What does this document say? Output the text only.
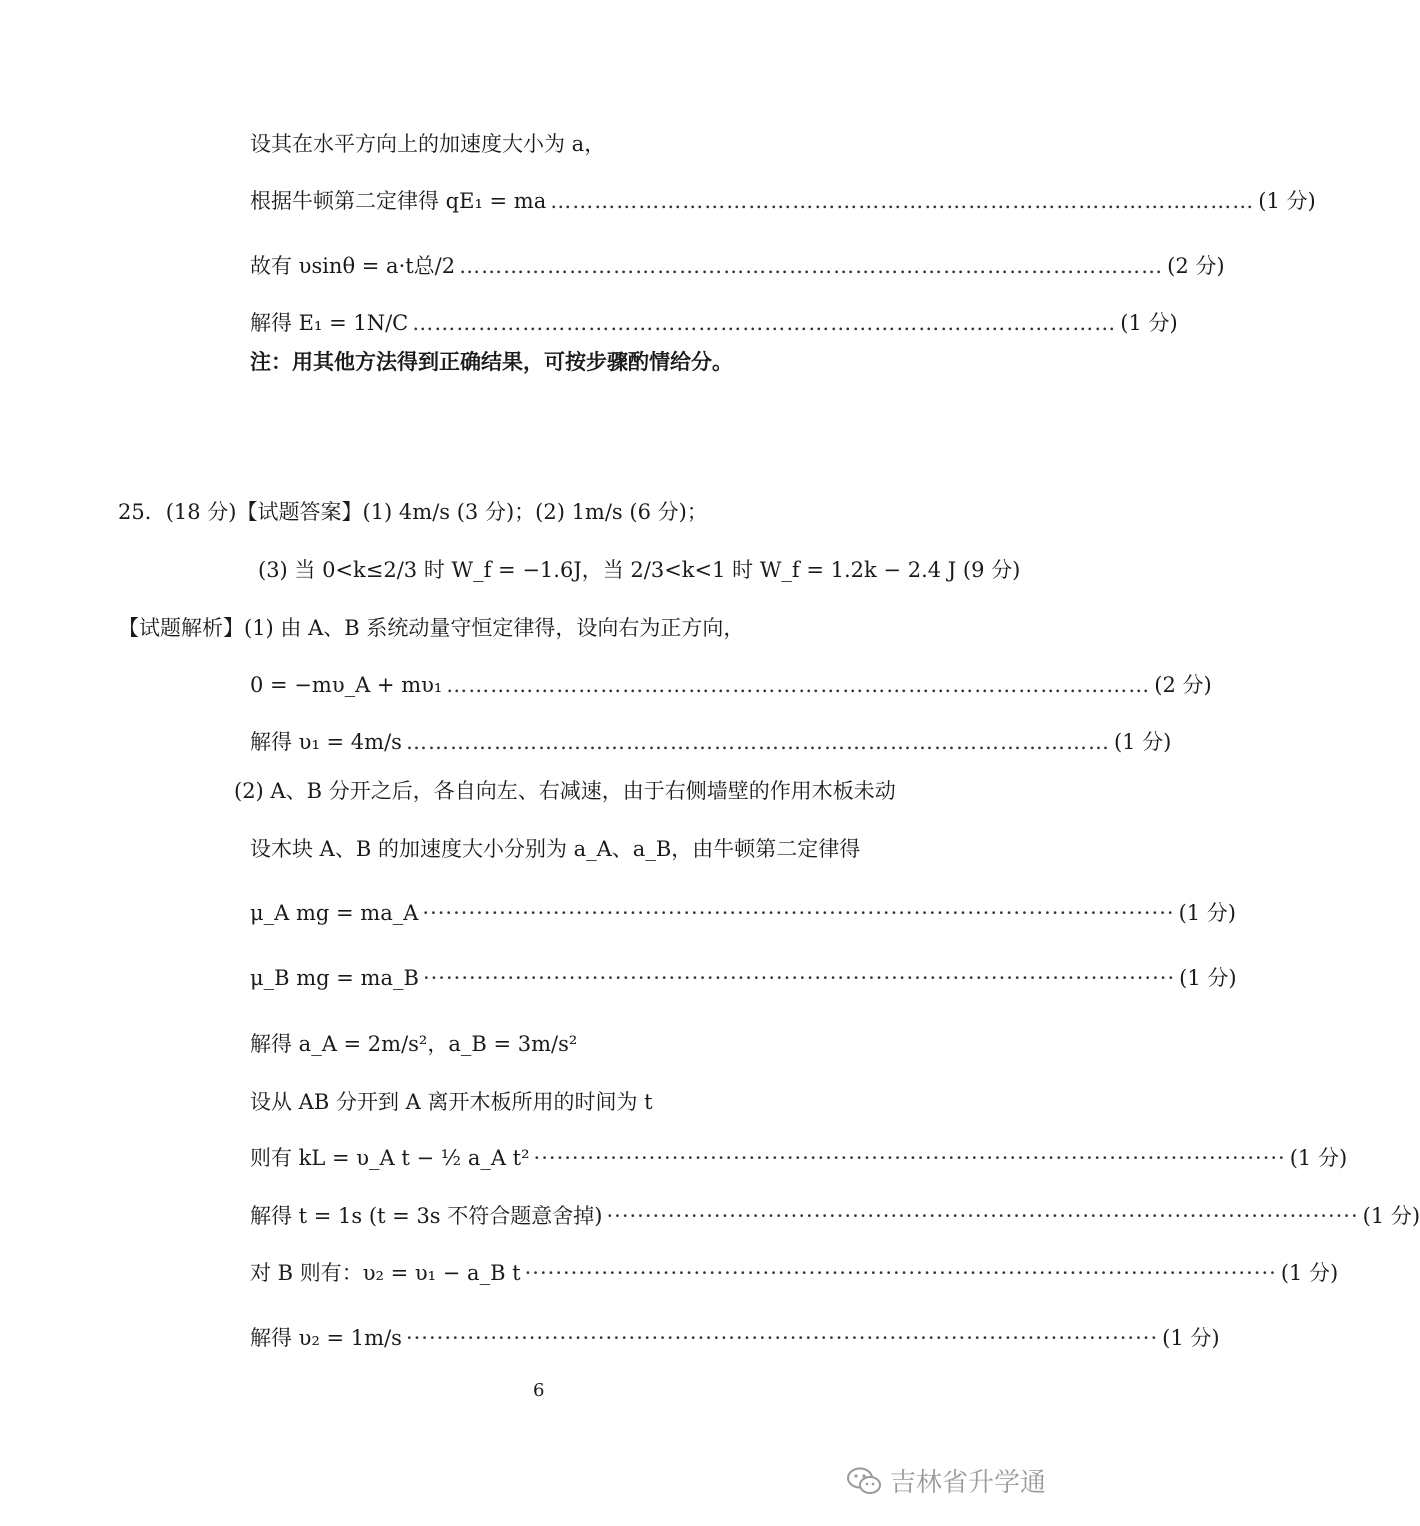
设其在水平方向上的加速度大小为 a，
根据牛顿第二定律得 qE₁ = ma …………………………………………………………………………………… (1 分)
故有 υsinθ = a·t总/2 …………………………………………………………………………………… (2 分)
解得 E₁ = 1N/C …………………………………………………………………………………… (1 分)
注：用其他方法得到正确结果，可按步骤酌情给分。
25．(18 分)【试题答案】(1) 4m/s (3 分)；(2) 1m/s (6 分)；
(3) 当 0<k≤2/3 时 W_f = −1.6J，当 2/3<k<1 时 W_f = 1.2k − 2.4 J (9 分)
【试题解析】(1) 由 A、B 系统动量守恒定律得，设向右为正方向，
0 = −mυ_A + mυ₁ …………………………………………………………………………………… (2 分)
解得 υ₁ = 4m/s …………………………………………………………………………………… (1 分)
(2) A、B 分开之后，各自向左、右减速，由于右侧墙壁的作用木板未动
设木块 A、B 的加速度大小分别为 a_A、a_B，由牛顿第二定律得
μ_A mg = ma_A ·································································································· (1 分)
μ_B mg = ma_B ·································································································· (1 分)
解得 a_A = 2m/s²，a_B = 3m/s²
设从 AB 分开到 A 离开木板所用的时间为 t
则有 kL = υ_A t − ½ a_A t² ·································································································· (1 分)
解得 t = 1s (t = 3s 不符合题意舍掉) ·································································································· (1 分)
对 B 则有：υ₂ = υ₁ − a_B t ·································································································· (1 分)
解得 υ₂ = 1m/s ·································································································· (1 分)
6
吉林省升学通
